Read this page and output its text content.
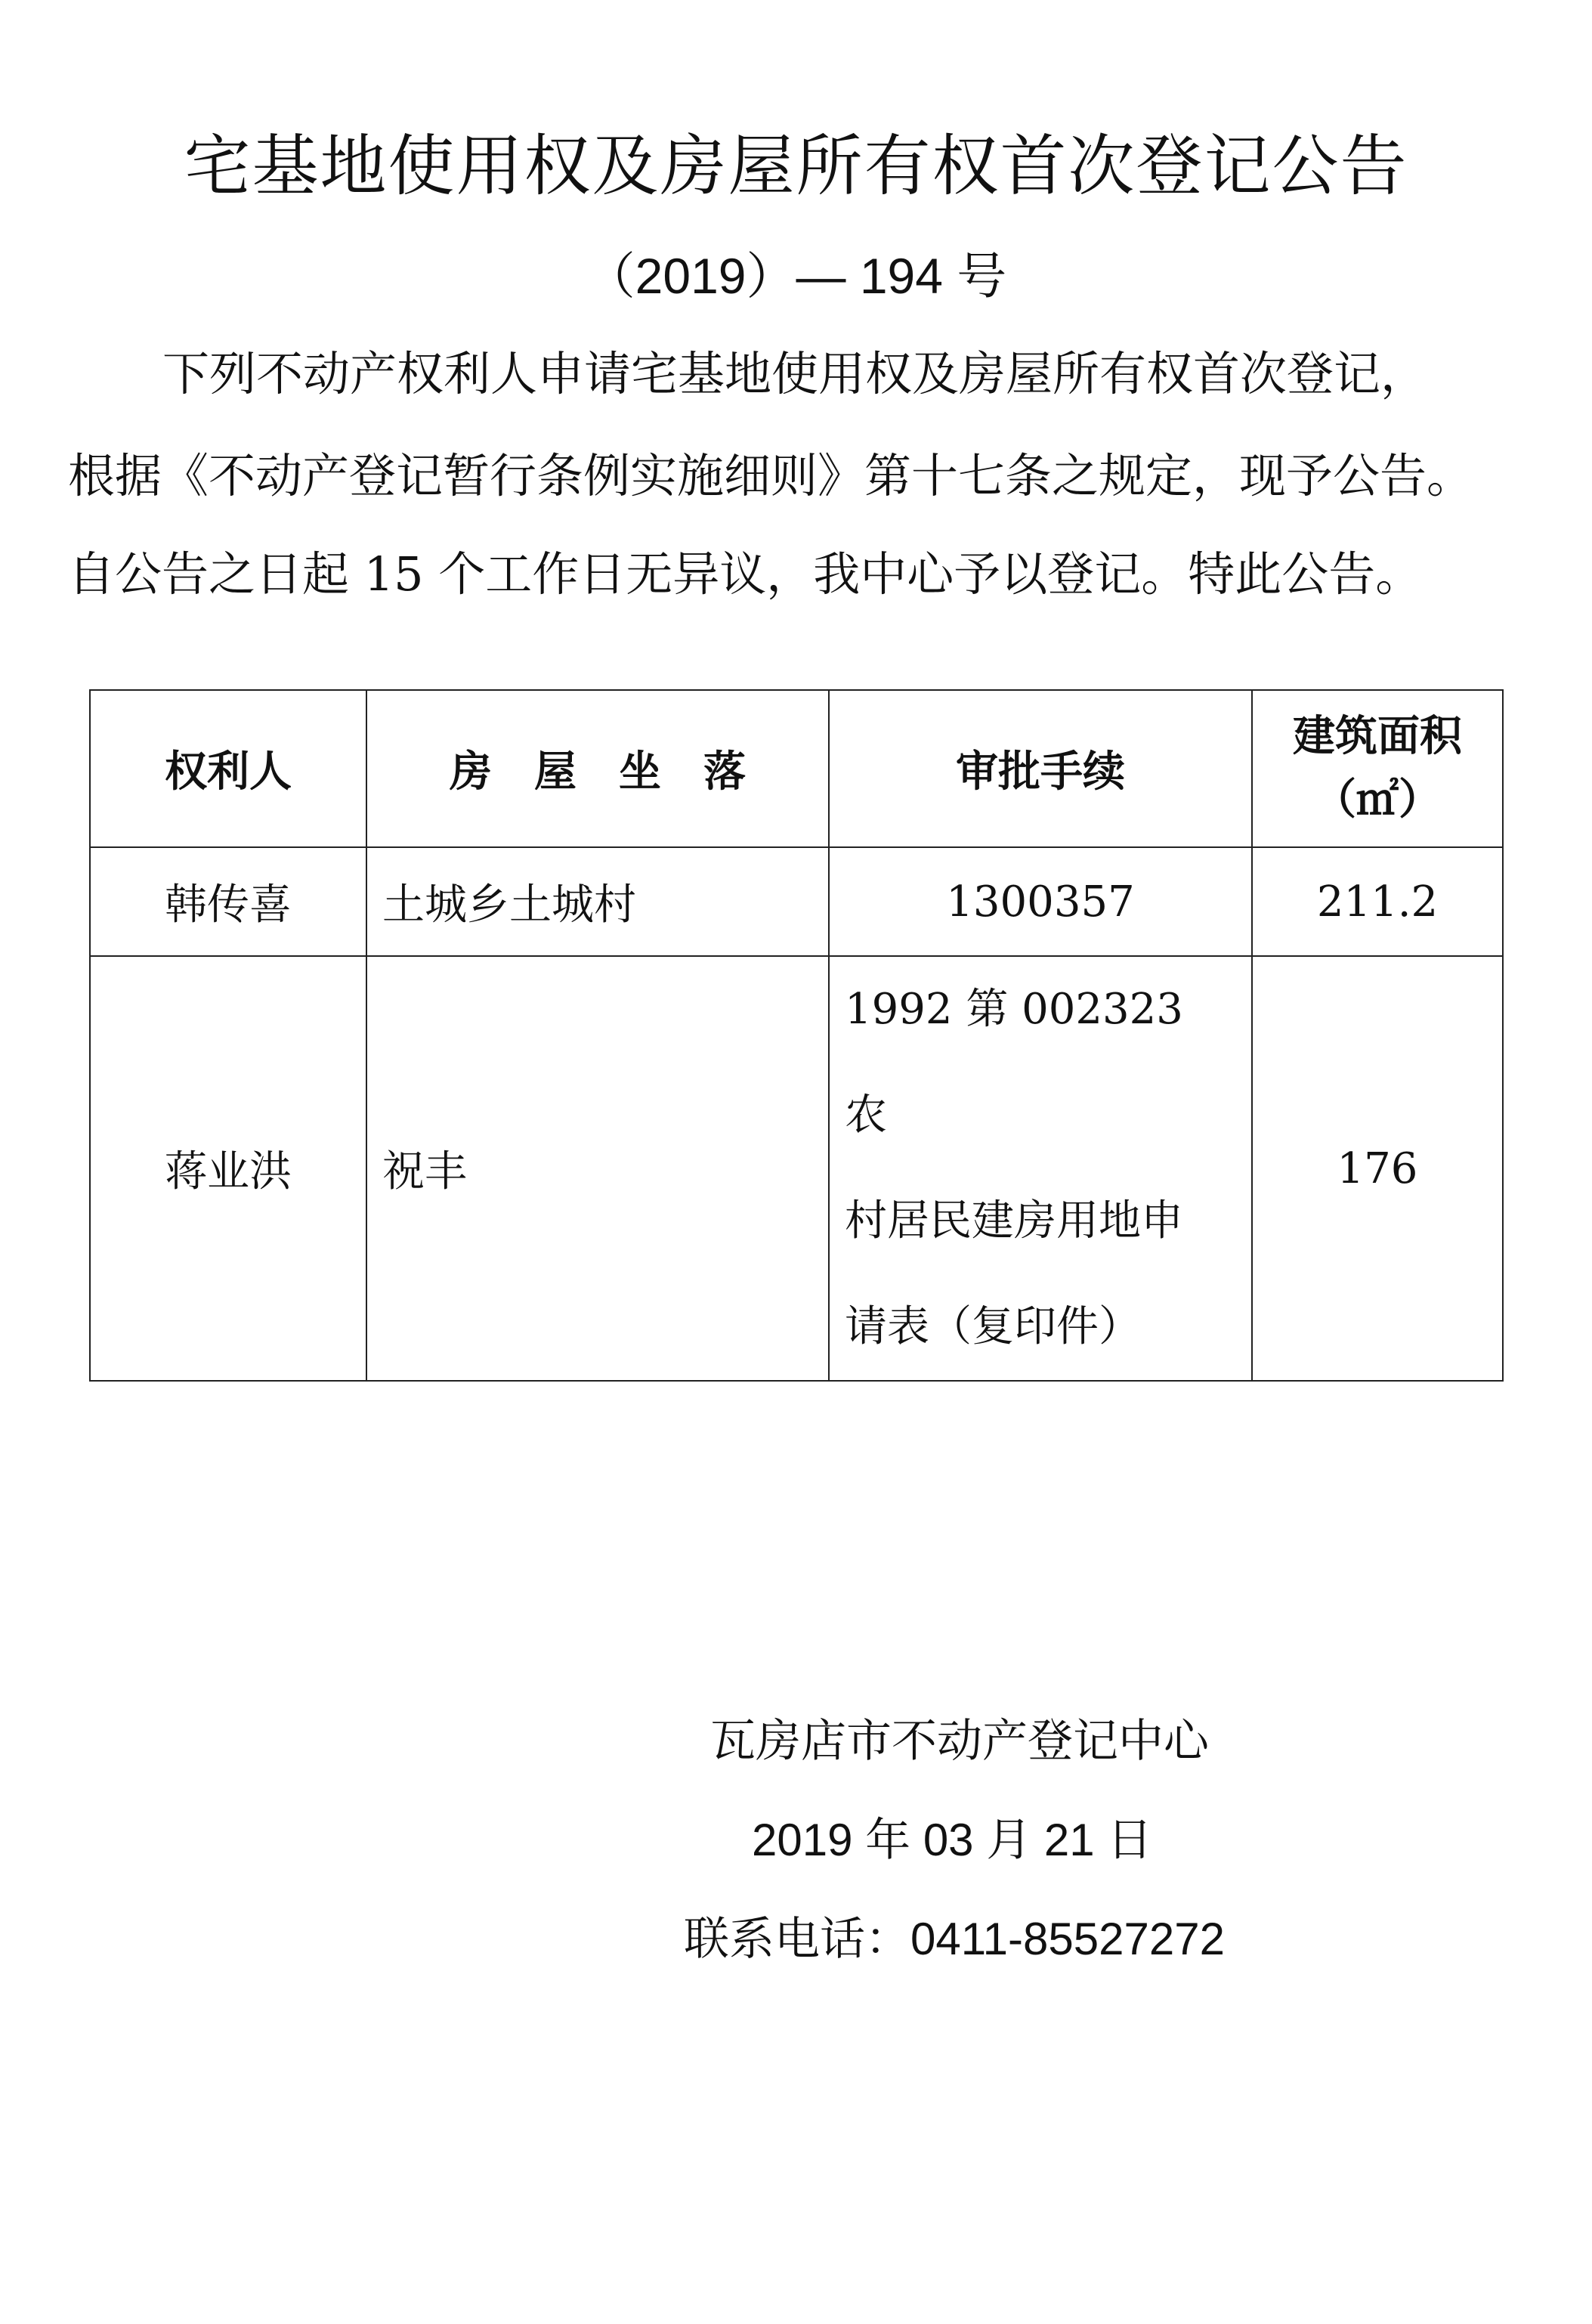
宅基地使用权及房屋所有权首次登记公告
（2019）— 194 号
下列不动产权利人申请宅基地使用权及房屋所有权首次登记，
根据《不动产登记暂行条例实施细则》第十七条之规定，现予公告。
自公告之日起 15 个工作日无异议，我中心予以登记。特此公告。
权利人	房　屋　坐　落	审批手续	建筑面积
（㎡）

韩传喜	土城乡土城村	1300357	211.2
蒋业洪	祝丰	1992 第 002323 农
村居民建房用地申
请表（复印件）	176
瓦房店市不动产登记中心
2019 年 03 月 21 日
联系电话：0411-85527272
